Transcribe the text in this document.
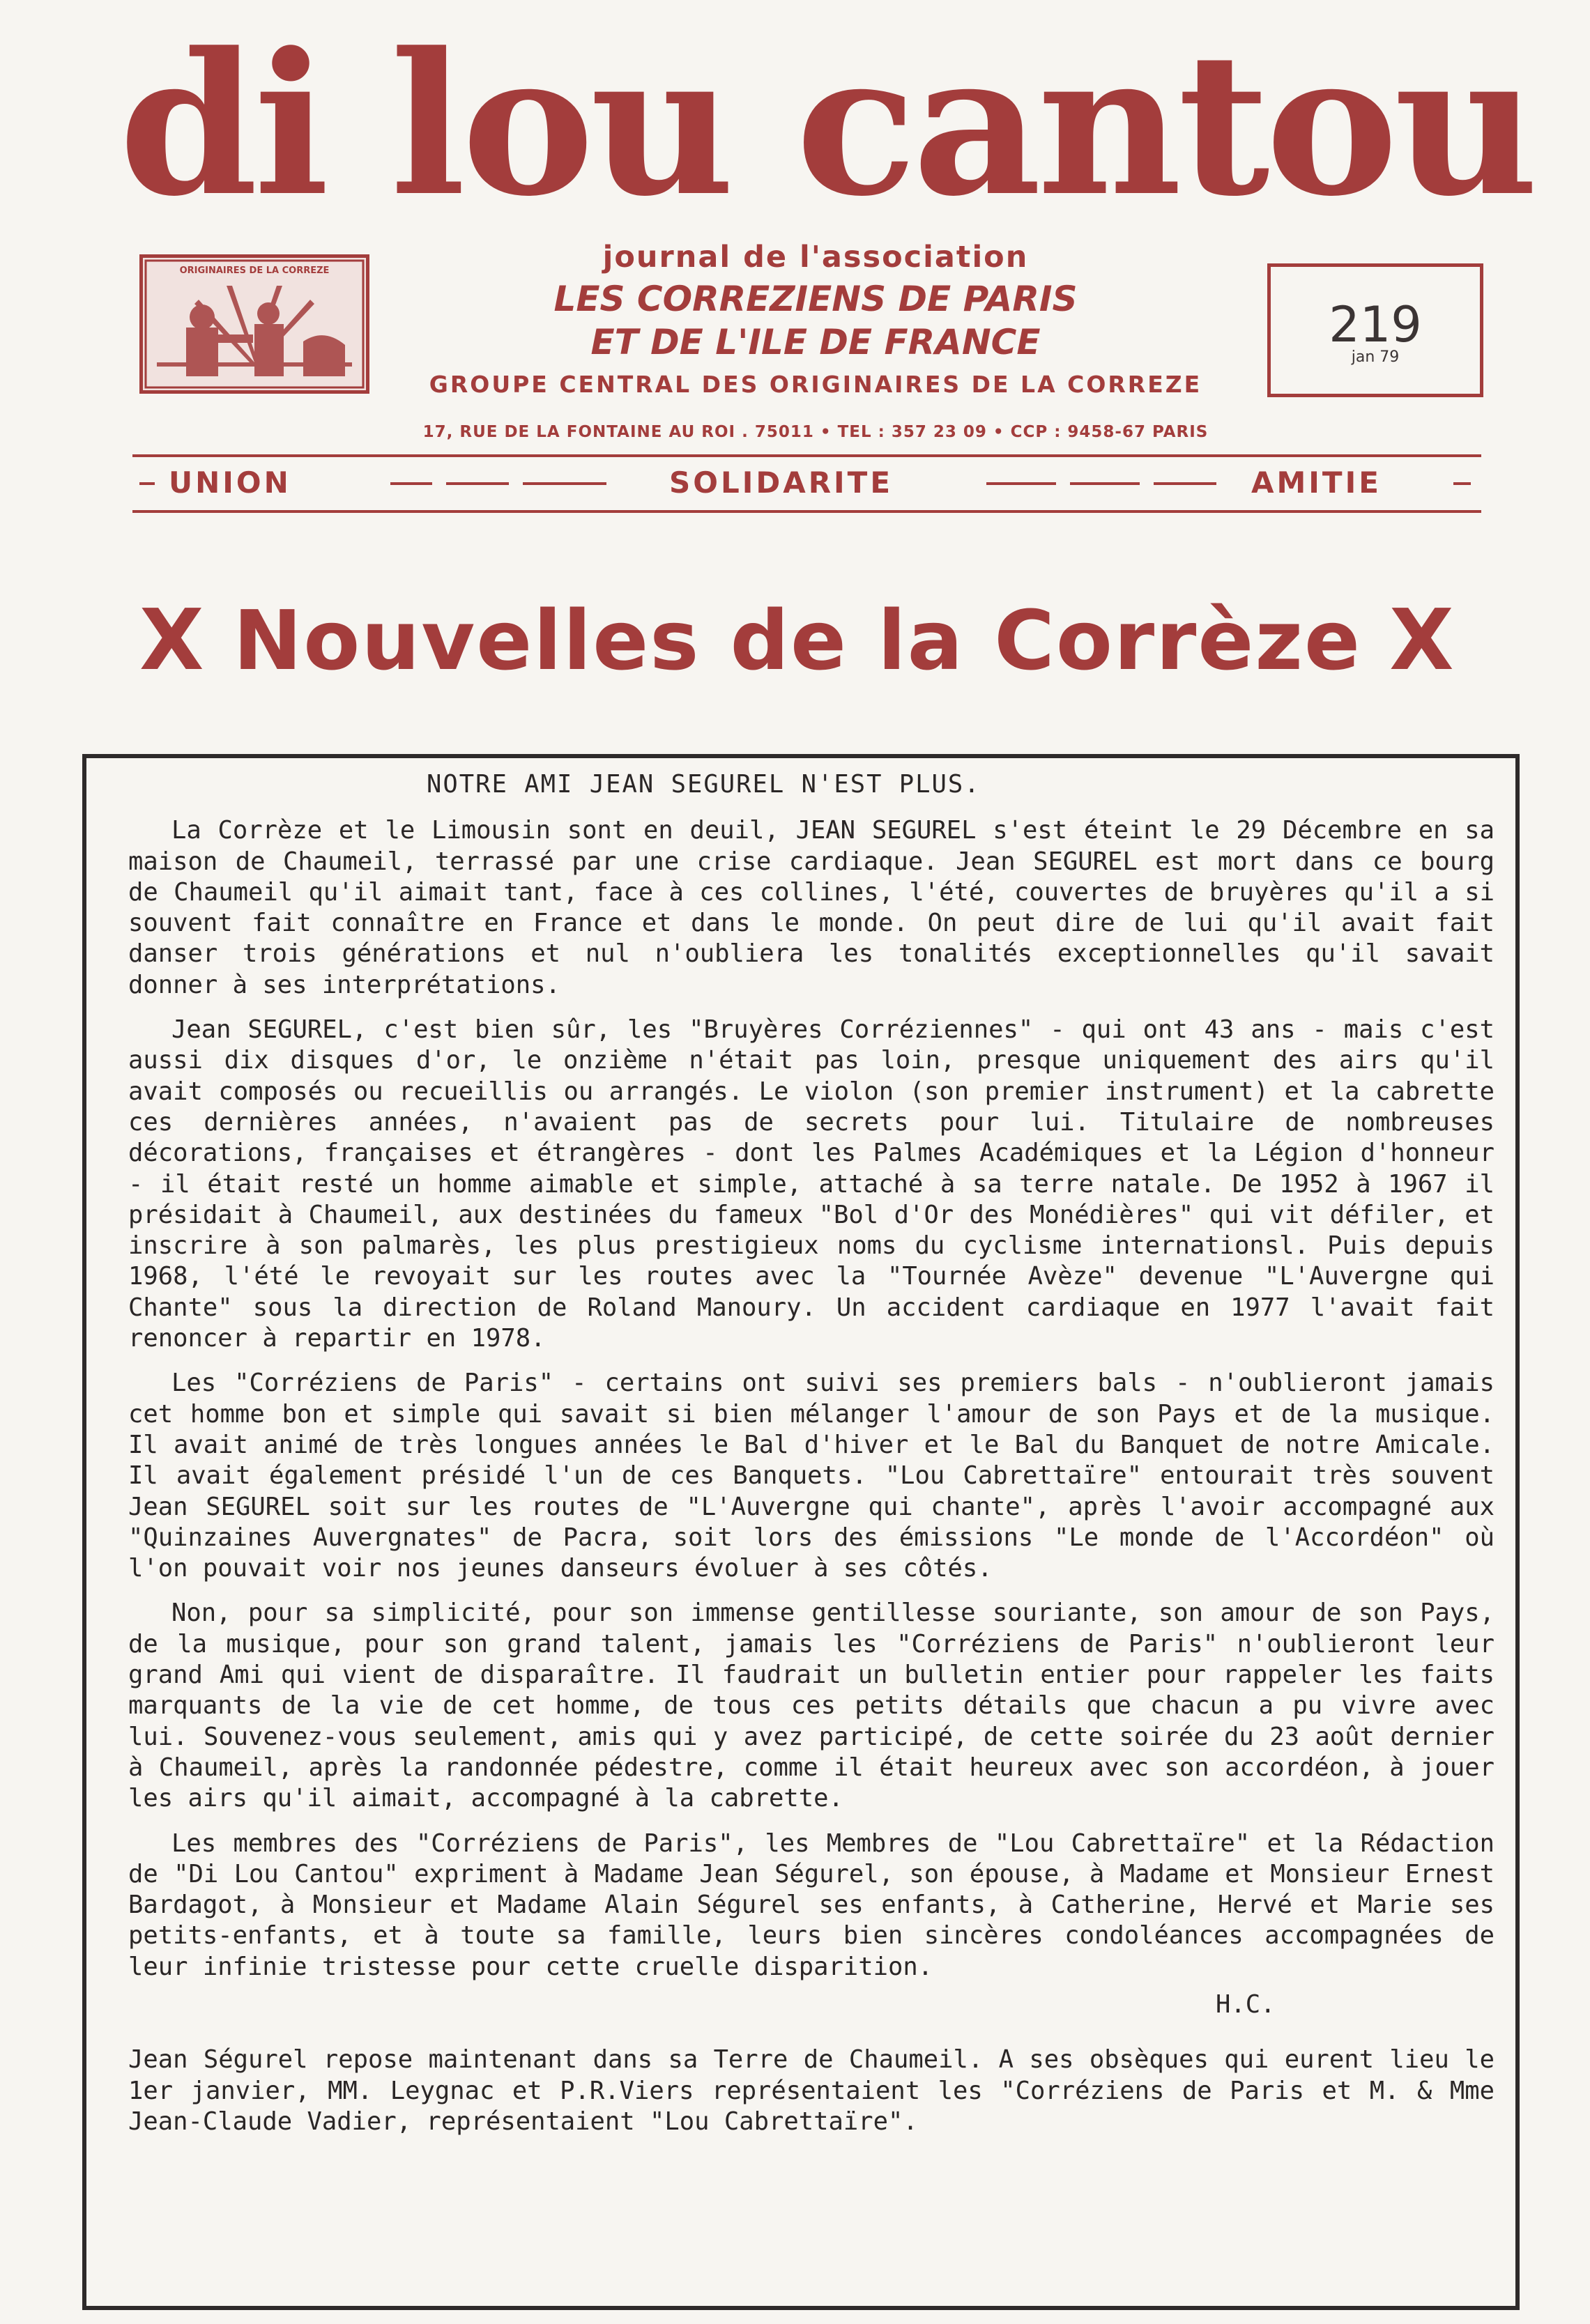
di lou cantou
ORIGINAIRES DE LA CORREZE	journal de l'association
LES CORREZIENS DE PARIS
ET DE L'ILE DE FRANCE
GROUPE CENTRAL DES ORIGINAIRES DE LA CORREZE
17, RUE DE LA FONTAINE AU ROI . 75011 • TEL : 357 23 09 • CCP : 9458-67 PARIS
219
jan 79
UNION	SOLIDARITE	AMITIE
X Nouvelles de la Corrèze X
NOTRE AMI JEAN SEGUREL N'EST PLUS.

La Corrèze et le Limousin sont en deuil, JEAN SEGUREL s'est éteint le 29 Décembre en sa maison de Chaumeil, terrassé par une crise cardiaque. Jean SEGUREL est mort dans ce bourg de Chaumeil qu'il aimait tant, face à ces collines, l'été, couvertes de bruyères qu'il a si souvent fait connaître en France et dans le monde. On peut dire de lui qu'il avait fait danser trois générations et nul n'oubliera les tonalités exceptionnelles qu'il savait donner à ses interprétations.

Jean SEGUREL, c'est bien sûr, les "Bruyères Corréziennes" - qui ont 43 ans - mais c'est aussi dix disques d'or, le onzième n'était pas loin, presque uniquement des airs qu'il avait composés ou recueillis ou arrangés. Le violon (son premier instrument) et la cabrette ces dernières années, n'avaient pas de secrets pour lui. Titulaire de nombreuses décorations, françaises et étrangères - dont les Palmes Académiques et la Légion d'honneur - il était resté un homme aimable et simple, attaché à sa terre natale. De 1952 à 1967 il présidait à Chaumeil, aux destinées du fameux "Bol d'Or des Monédières" qui vit défiler, et inscrire à son palmarès, les plus prestigieux noms du cyclisme internationsl. Puis depuis 1968, l'été le revoyait sur les routes avec la "Tournée Avèze" devenue "L'Auvergne qui Chante" sous la direction de Roland Manoury. Un accident cardiaque en 1977 l'avait fait renoncer à repartir en 1978.

Les "Corréziens de Paris" - certains ont suivi ses premiers bals - n'oublieront jamais cet homme bon et simple qui savait si bien mélanger l'amour de son Pays et de la musique. Il avait animé de très longues années le Bal d'hiver et le Bal du Banquet de notre Amicale. Il avait également présidé l'un de ces Banquets. "Lou Cabrettaïre" entourait très souvent Jean SEGUREL soit sur les routes de "L'Auvergne qui chante", après l'avoir accompagné aux "Quinzaines Auvergnates" de Pacra, soit lors des émissions "Le monde de l'Accordéon" où l'on pouvait voir nos jeunes danseurs évoluer à ses côtés.

Non, pour sa simplicité, pour son immense gentillesse souriante, son amour de son Pays, de la musique, pour son grand talent, jamais les "Corréziens de Paris" n'oublieront leur grand Ami qui vient de disparaître. Il faudrait un bulletin entier pour rappeler les faits marquants de la vie de cet homme, de tous ces petits détails que chacun a pu vivre avec lui. Souvenez-vous seulement, amis qui y avez participé, de cette soirée du 23 août dernier à Chaumeil, après la randonnée pédestre, comme il était heureux avec son accordéon, à jouer les airs qu'il aimait, accompagné à la cabrette.

Les membres des "Corréziens de Paris", les Membres de "Lou Cabrettaïre" et la Rédaction de "Di Lou Cantou" expriment à Madame Jean Ségurel, son épouse, à Madame et Monsieur Ernest Bardagot, à Monsieur et Madame Alain Ségurel ses enfants, à Catherine, Hervé et Marie ses petits-enfants, et à toute sa famille, leurs bien sincères condoléances accompagnées de leur infinie tristesse pour cette cruelle disparition.

H.C.

Jean Ségurel repose maintenant dans sa Terre de Chaumeil. A ses obsèques qui eurent lieu le 1er janvier, MM. Leygnac et P.R.Viers représentaient les "Corréziens de Paris et M. & Mme Jean-Claude Vadier, représentaient "Lou Cabrettaïre".
